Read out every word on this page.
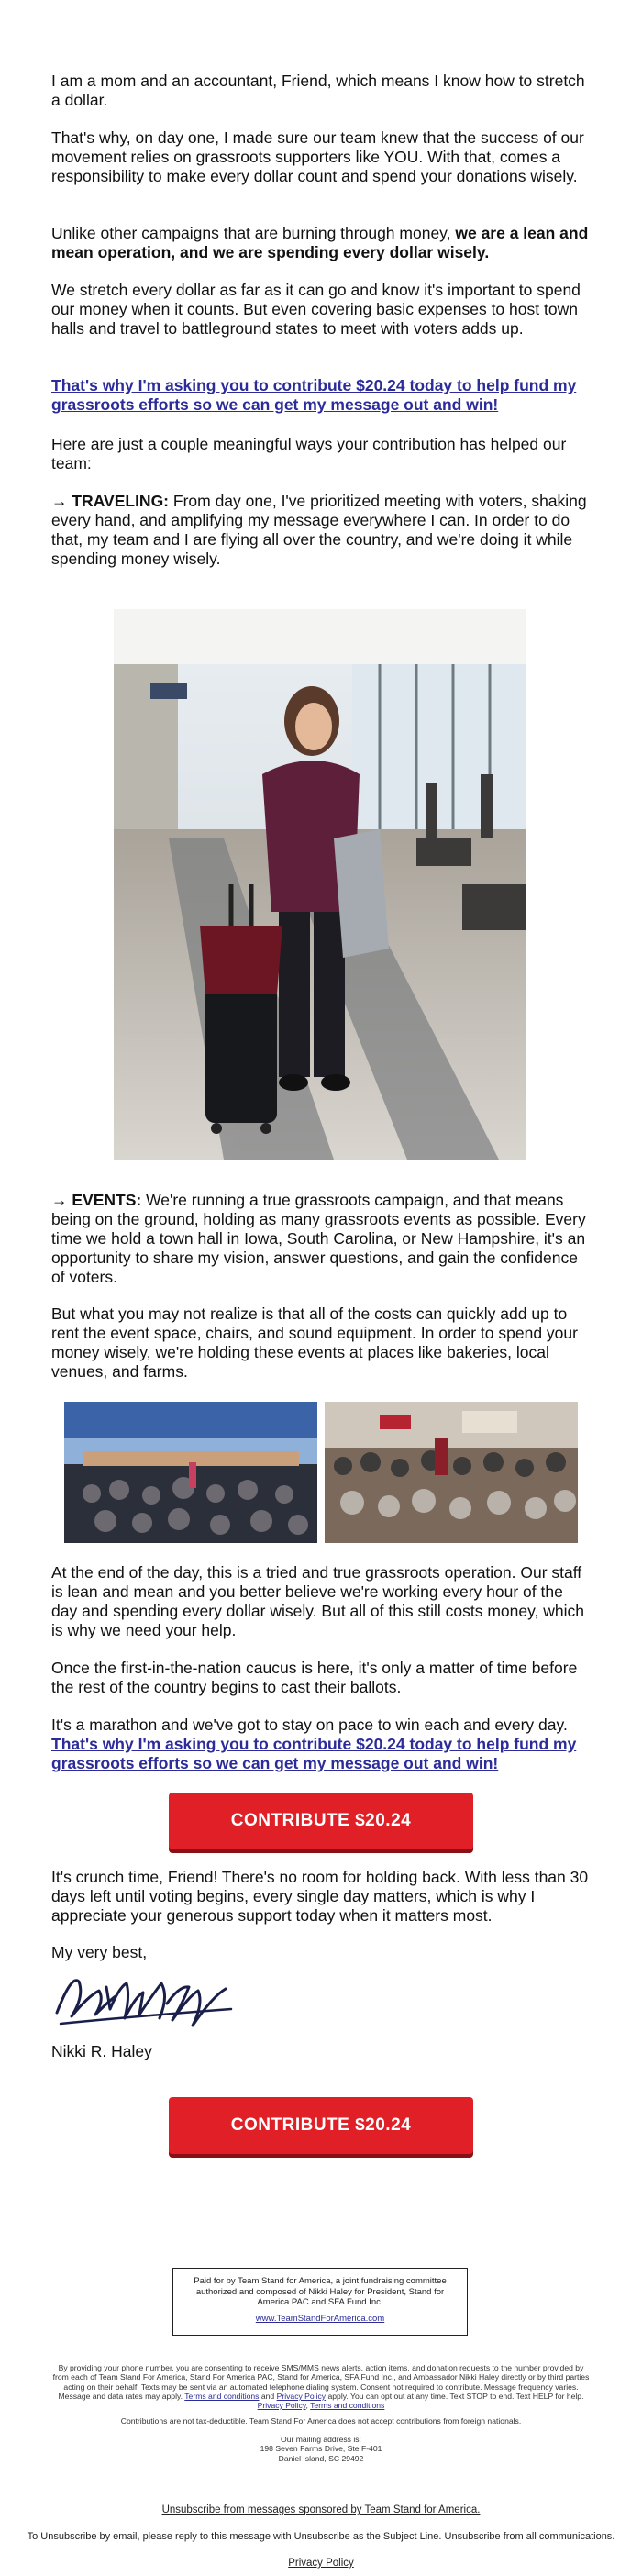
I am a mom and an accountant, Friend, which means I know how to stretch a dollar.

That's why, on day one, I made sure our team knew that the success of our movement relies on grassroots supporters like YOU. With that, comes a responsibility to make every dollar count and spend your donations wisely.

Unlike other campaigns that are burning through money, we are a lean and mean operation, and we are spending every dollar wisely.

We stretch every dollar as far as it can go and know it's important to spend our money when it counts. But even covering basic expenses to host town halls and travel to battleground states to meet with voters adds up.

That's why I'm asking you to contribute $20.24 today to help fund my grassroots efforts so we can get my message out and win!

Here are just a couple meaningful ways your contribution has helped our team:

→ TRAVELING: From day one, I've prioritized meeting with voters, shaking every hand, and amplifying my message everywhere I can. In order to do that, my team and I are flying all over the country, and we're doing it while spending money wisely.

→ EVENTS: We're running a true grassroots campaign, and that means being on the ground, holding as many grassroots events as possible. Every time we hold a town hall in Iowa, South Carolina, or New Hampshire, it's an opportunity to share my vision, answer questions, and gain the confidence of voters.

But what you may not realize is that all of the costs can quickly add up to rent the event space, chairs, and sound equipment. In order to spend your money wisely, we're holding these events at places like bakeries, local venues, and farms.

At the end of the day, this is a tried and true grassroots operation. Our staff is lean and mean and you better believe we're working every hour of the day and spending every dollar wisely. But all of this still costs money, which is why we need your help.

Once the first-in-the-nation caucus is here, it's only a matter of time before the rest of the country begins to cast their ballots.

It's a marathon and we've got to stay on pace to win each and every day.
That's why I'm asking you to contribute $20.24 today to help fund my grassroots efforts so we can get my message out and win!

CONTRIBUTE $20.24

It's crunch time, Friend! There's no room for holding back. With less than 30 days left until voting begins, every single day matters, which is why I appreciate your generous support today when it matters most.

My very best,

Nikki R. Haley

CONTRIBUTE $20.24
Paid for by Team Stand for America, a joint fundraising committee authorized and composed of Nikki Haley for President, Stand for America PAC and SFA Fund Inc.
www.TeamStandForAmerica.com
By providing your phone number, you are consenting to receive SMS/MMS news alerts, action items, and donation requests to the number provided by from each of Team Stand For America, Stand For America PAC, Stand for America, SFA Fund Inc., and Ambassador Nikki Haley directly or by third parties acting on their behalf. Texts may be sent via an automated telephone dialing system. Consent not required to contribute. Message frequency varies. Message and data rates may apply. Terms and conditions and Privacy Policy apply. You can opt out at any time. Text STOP to end. Text HELP for help. Privacy Policy, Terms and conditions
Contributions are not tax-deductible. Team Stand For America does not accept contributions from foreign nationals.
Our mailing address is:
198 Seven Farms Drive, Ste F-401
Daniel Island, SC 29492
Unsubscribe from messages sponsored by Team Stand for America.
To Unsubscribe by email, please reply to this message with Unsubscribe as the Subject Line. Unsubscribe from all communications.
Privacy Policy
